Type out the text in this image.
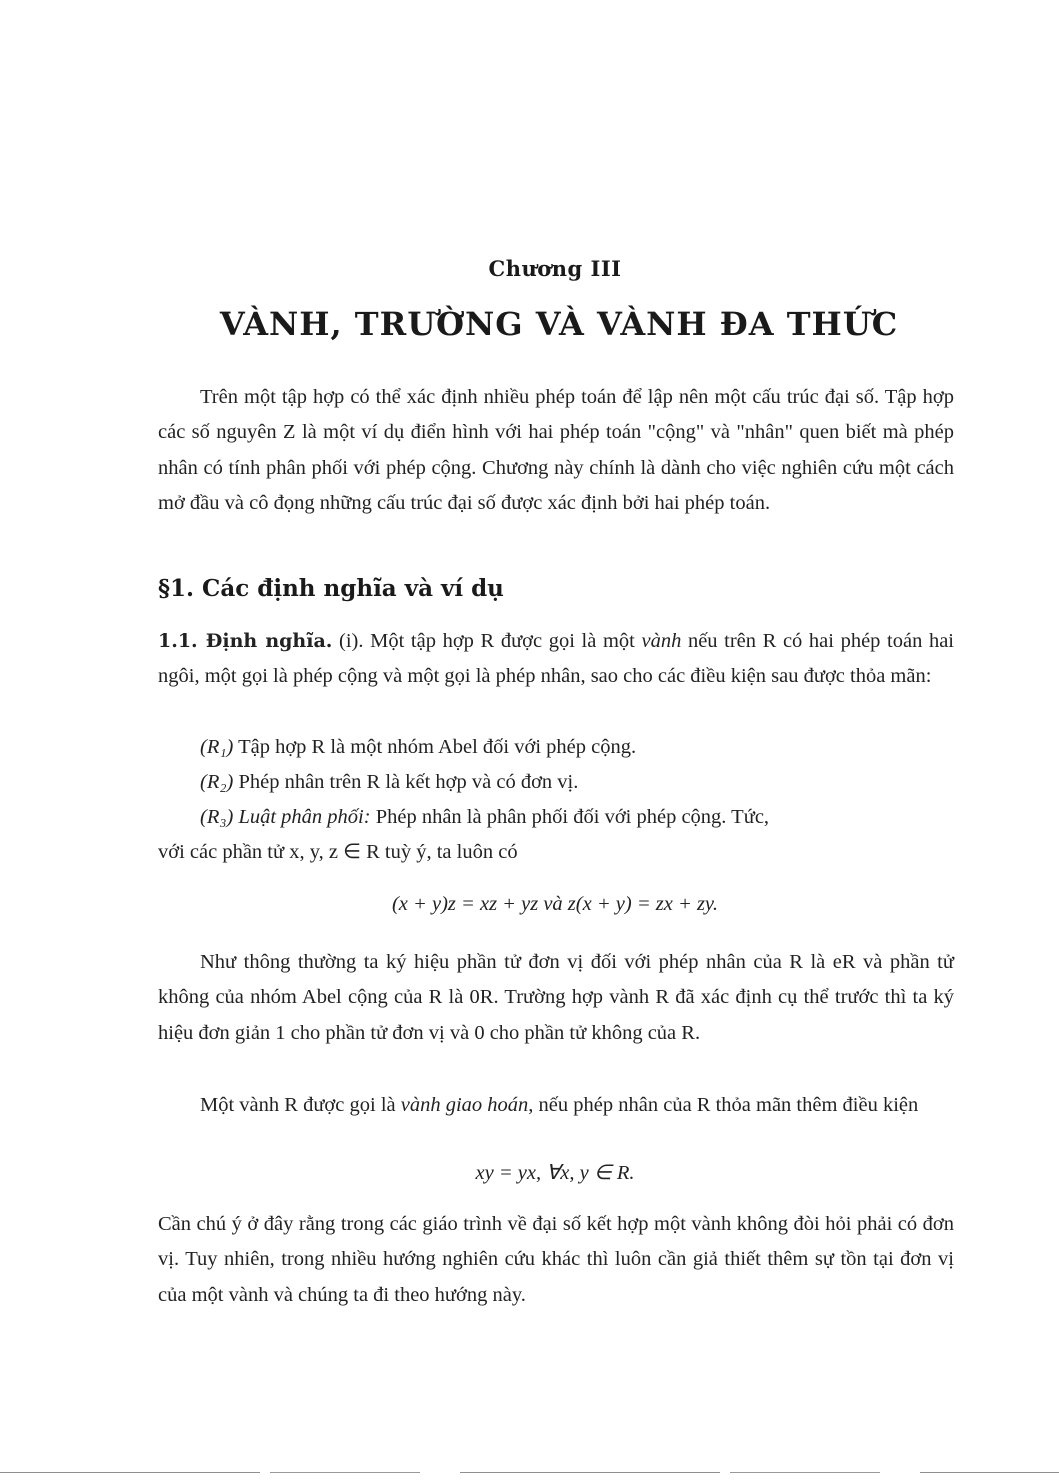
Chương III
VÀNH, TRƯỜNG VÀ VÀNH ĐA THỨC
Trên một tập hợp có thể xác định nhiều phép toán để lập nên một cấu trúc đại số. Tập hợp các số nguyên Z là một ví dụ điển hình với hai phép toán "cộng" và "nhân" quen biết mà phép nhân có tính phân phối với phép cộng. Chương này chính là dành cho việc nghiên cứu một cách mở đầu và cô đọng những cấu trúc đại số được xác định bởi hai phép toán.
§1. Các định nghĩa và ví dụ
1.1. Định nghĩa. (i). Một tập hợp R được gọi là một vành nếu trên R có hai phép toán hai ngôi, một gọi là phép cộng và một gọi là phép nhân, sao cho các điều kiện sau được thỏa mãn:
(R₁) Tập hợp R là một nhóm Abel đối với phép cộng.
(R₂) Phép nhân trên R là kết hợp và có đơn vị.
(R₃) Luật phân phối: Phép nhân là phân phối đối với phép cộng. Tức,
với các phần tử x, y, z ∈ R tuỳ ý, ta luôn có
(x + y)z = xz + yz và z(x + y) = zx + zy.
Như thông thường ta ký hiệu phần tử đơn vị đối với phép nhân của R là eR và phần tử không của nhóm Abel cộng của R là 0R. Trường hợp vành R đã xác định cụ thể trước thì ta ký hiệu đơn giản 1 cho phần tử đơn vị và 0 cho phần tử không của R.
Một vành R được gọi là vành giao hoán, nếu phép nhân của R thỏa mãn thêm điều kiện
xy = yx, ∀x, y ∈ R.
Cần chú ý ở đây rằng trong các giáo trình về đại số kết hợp một vành không đòi hỏi phải có đơn vị. Tuy nhiên, trong nhiều hướng nghiên cứu khác thì luôn cần giả thiết thêm sự tồn tại đơn vị của một vành và chúng ta đi theo hướng này.
